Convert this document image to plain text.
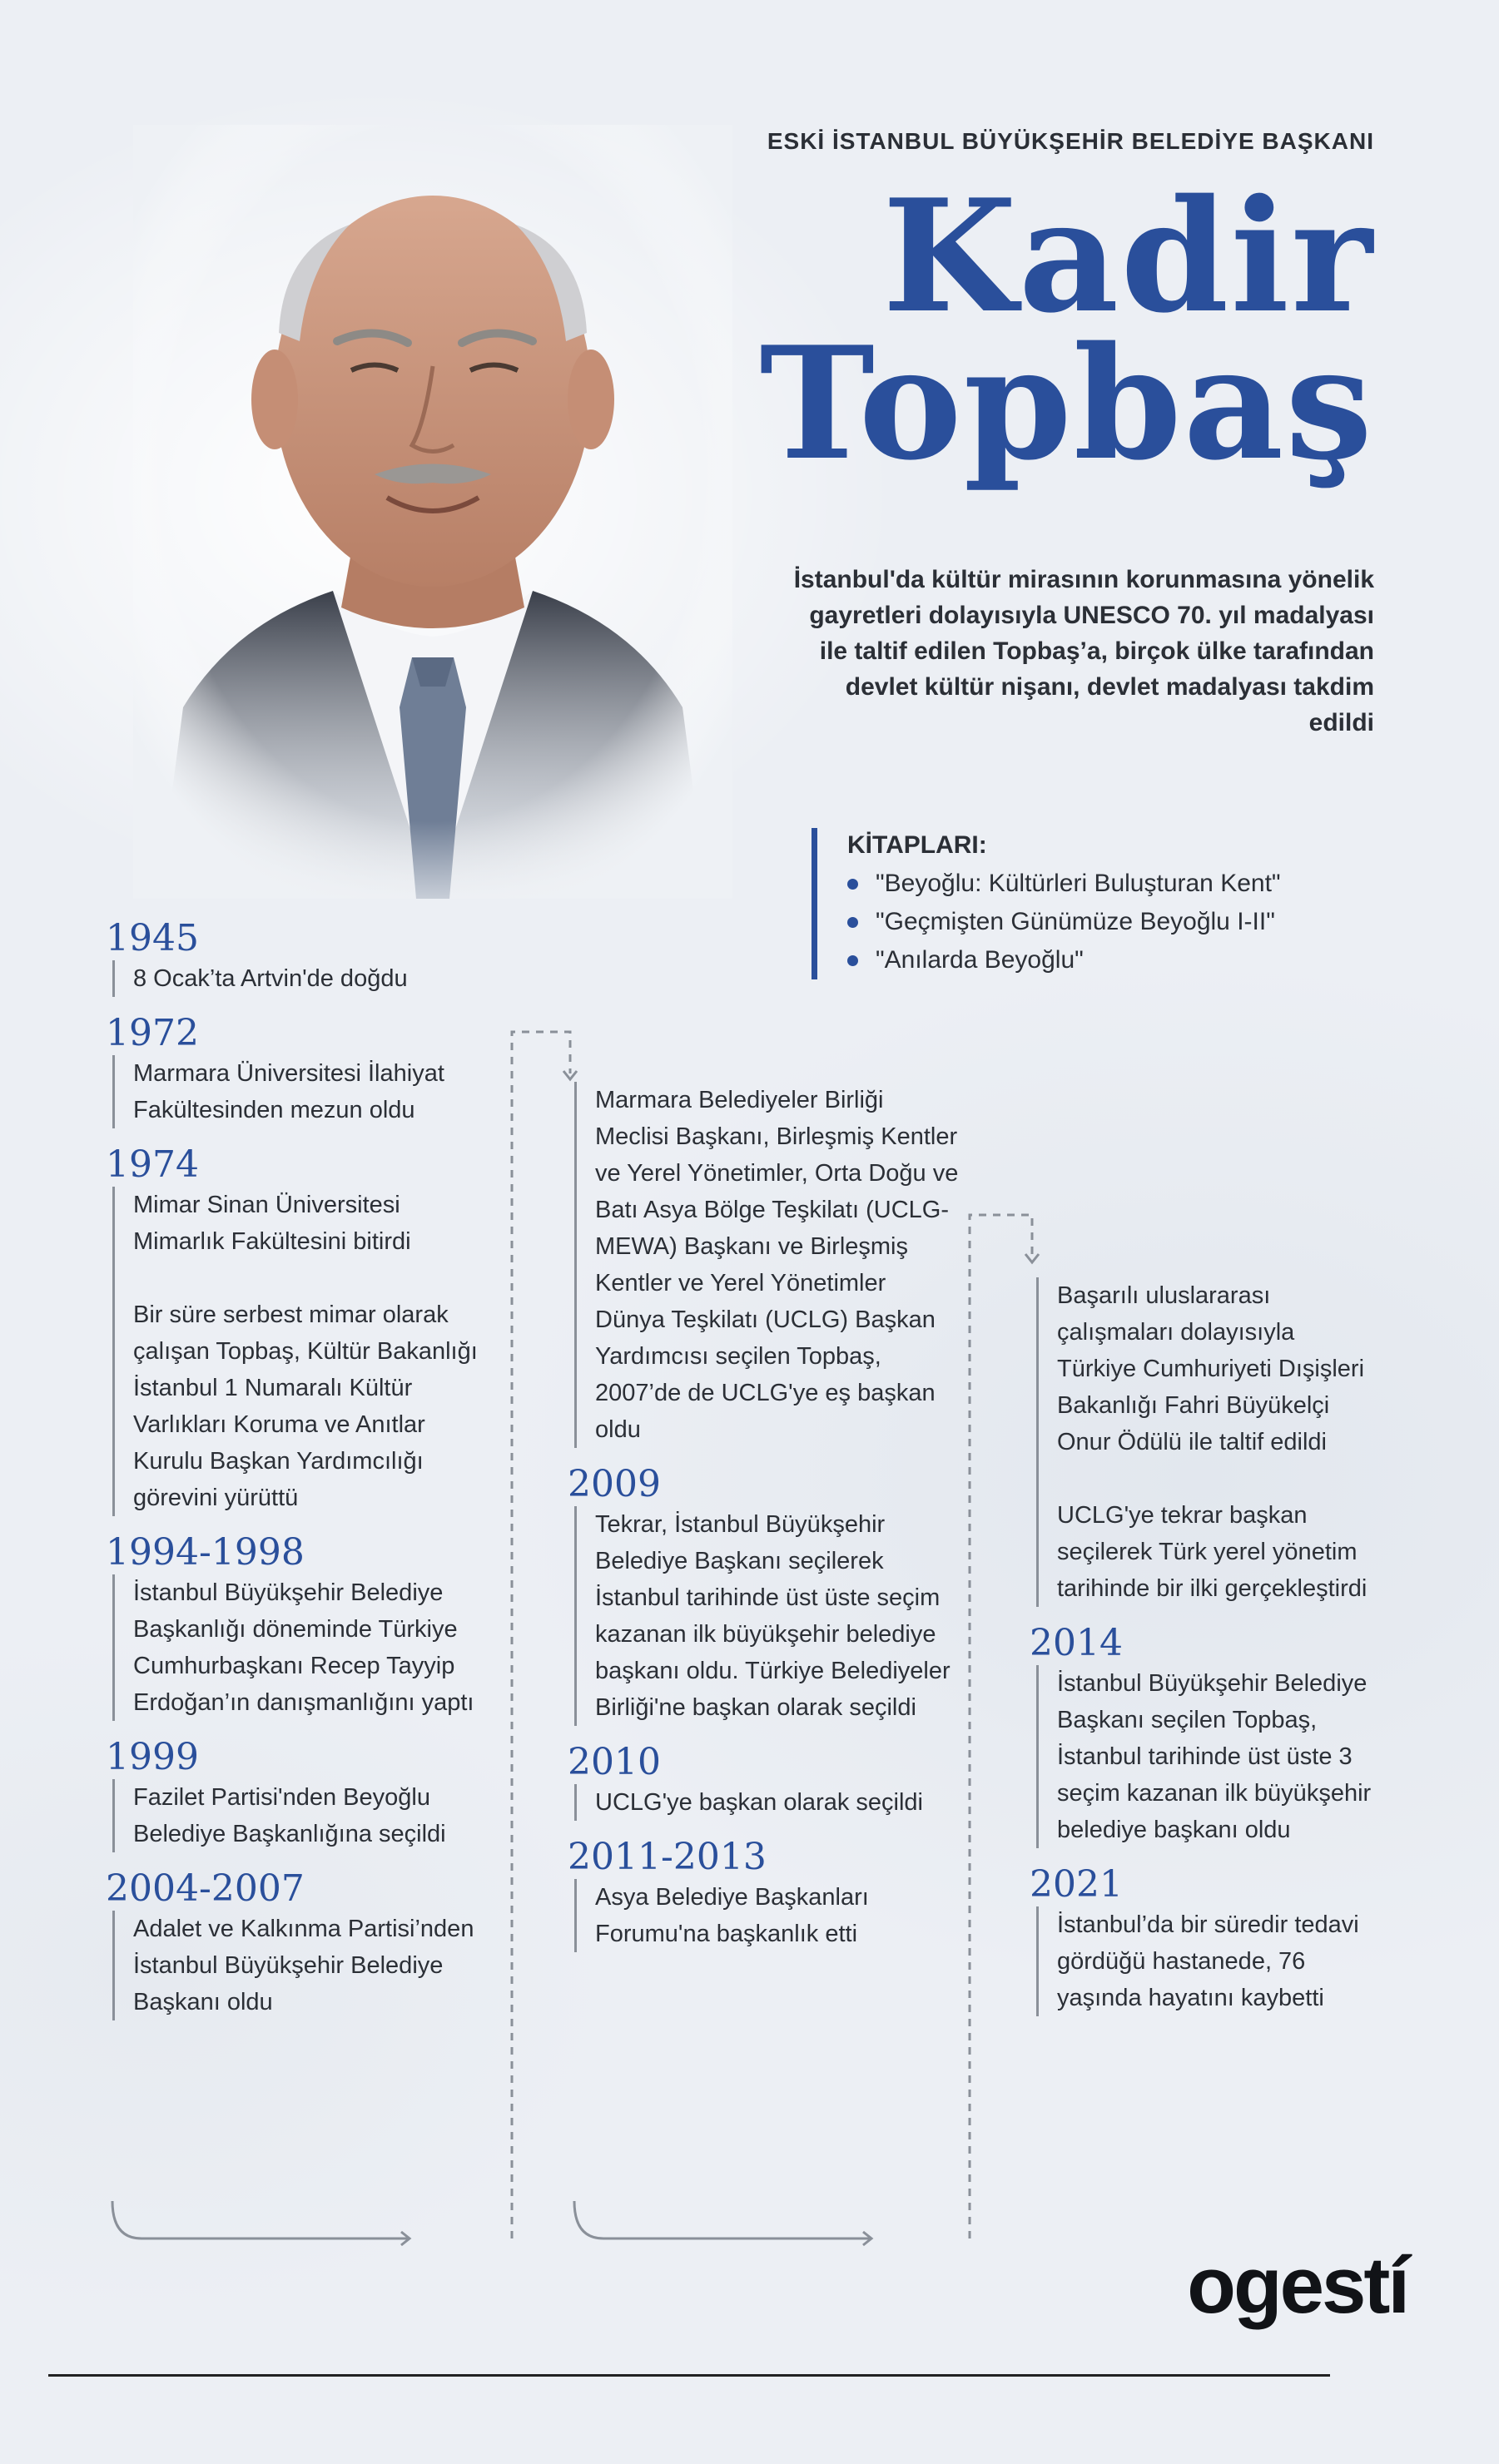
ESKİ İSTANBUL BÜYÜKŞEHİR BELEDİYE BAŞKANI
Kadir
Topbaş
İstanbul'da kültür mirasının korunmasına yönelik gayretleri dolayısıyla UNESCO 70. yıl madalyası ile taltif edilen Topbaş’a, birçok ülke tarafından devlet kültür nişanı, devlet madalyası takdim edildi
KİTAPLARI:
"Beyoğlu: Kültürleri Buluşturan Kent"
"Geçmişten Günümüze Beyoğlu I-II"
"Anılarda Beyoğlu"
1945
8 Ocak’ta Artvin'de doğdu
1972
Marmara Üniversitesi İlahiyat Fakültesinden mezun oldu
1974
Mimar Sinan Üniversitesi Mimarlık Fakültesini bitirdi
Bir süre serbest mimar olarak çalışan Topbaş, Kültür Bakanlığı İstanbul 1 Numaralı Kültür Varlıkları Koruma ve Anıtlar Kurulu Başkan Yardımcılığı görevini yürüttü
1994-1998
İstanbul Büyükşehir Belediye Başkanlığı döneminde Türkiye Cumhurbaşkanı Recep Tayyip Erdoğan’ın danışmanlığını yaptı
1999
Fazilet Partisi'nden Beyoğlu Belediye Başkanlığına seçildi
2004-2007
Adalet ve Kalkınma Partisi’nden İstanbul Büyükşehir Belediye Başkanı oldu
Marmara Belediyeler Birliği Meclisi Başkanı, Birleşmiş Kentler ve Yerel Yönetimler, Orta Doğu ve Batı Asya Bölge Teşkilatı (UCLG-MEWA) Başkanı ve Birleşmiş Kentler ve Yerel Yönetimler Dünya Teşkilatı (UCLG) Başkan Yardımcısı seçilen Topbaş, 2007’de de UCLG'ye eş başkan oldu
2009
Tekrar, İstanbul Büyükşehir Belediye Başkanı seçilerek İstanbul tarihinde üst üste seçim kazanan ilk büyükşehir belediye başkanı oldu. Türkiye Belediyeler Birliği'ne başkan olarak seçildi
2010
UCLG'ye başkan olarak seçildi
2011-2013
Asya Belediye Başkanları Forumu'na başkanlık etti
Başarılı uluslararası çalışmaları dolayısıyla Türkiye Cumhuriyeti Dışişleri Bakanlığı Fahri Büyükelçi Onur Ödülü ile taltif edildi
UCLG'ye tekrar başkan seçilerek Türk yerel yönetim tarihinde bir ilki gerçekleştirdi
2014
İstanbul Büyükşehir Belediye Başkanı seçilen Topbaş, İstanbul tarihinde üst üste 3 seçim kazanan ilk büyükşehir belediye başkanı oldu
2021
İstanbul’da bir süredir tedavi gördüğü hastanede, 76 yaşında hayatını kaybetti
ogestí
